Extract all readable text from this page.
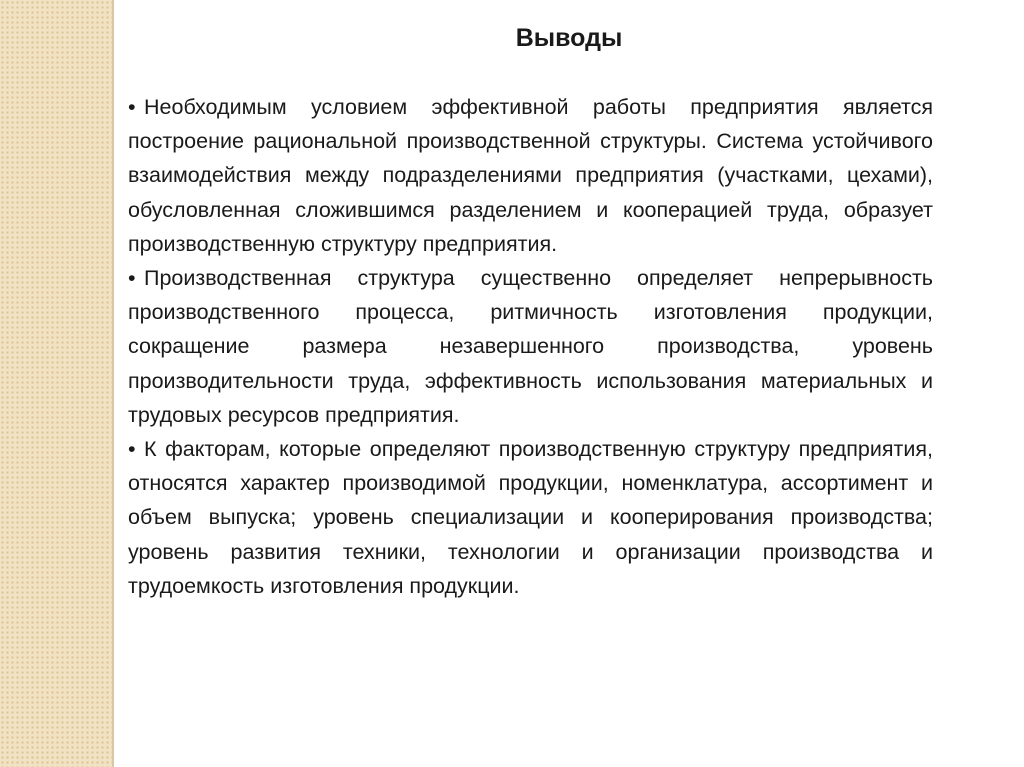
Выводы

• Необходимым условием эффективной работы предприятия является построение рациональной производственной структуры. Система устойчивого взаимодействия между подразделениями предприятия (участками, цехами), обусловленная сложившимся разделением и кооперацией труда, образует производственную структуру предприятия.

• Производственная структура существенно определяет непрерывность производственного процесса, ритмичность изготовления продукции, сокращение размера незавершенного производства, уровень производительности труда, эффективность использования материальных и трудовых ресурсов предприятия.

• К факторам, которые определяют производственную структуру предприятия, относятся характер производимой продукции, номенклатура, ассортимент и объем выпуска; уровень специализации и кооперирования производства; уровень развития техники, технологии и организации производства и трудоемкость изготовления продукции.
